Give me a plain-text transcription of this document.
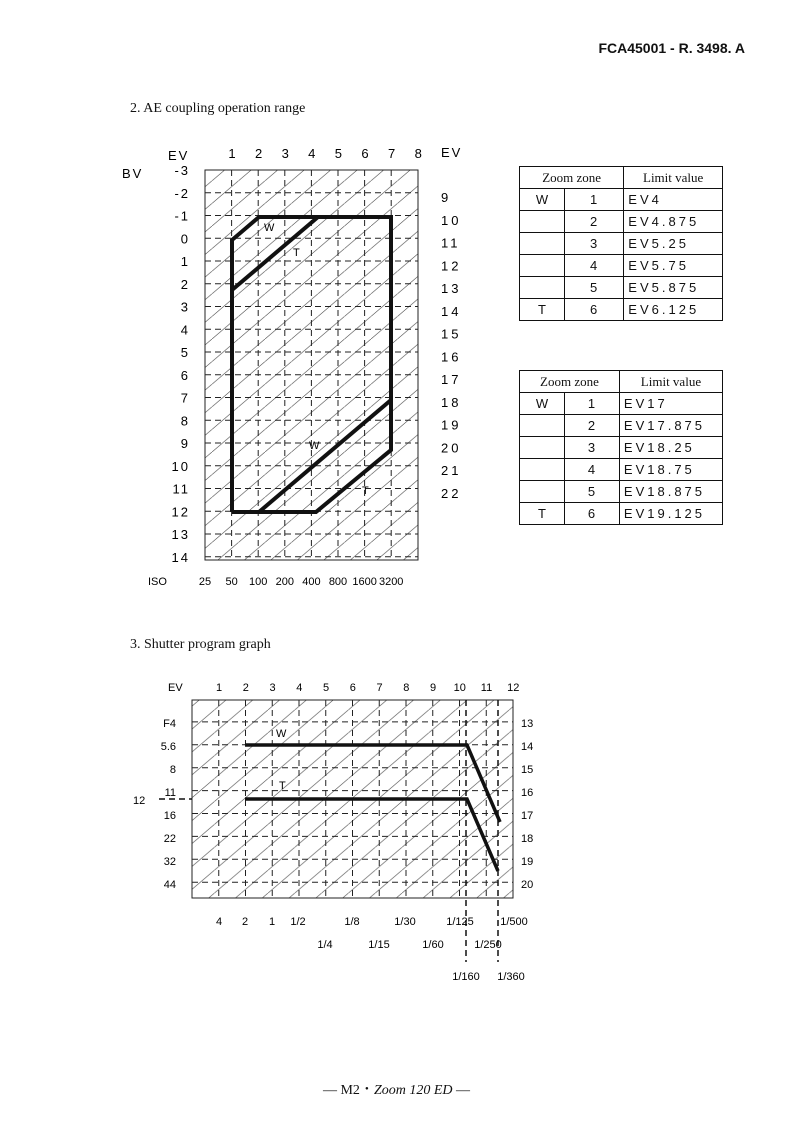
FCA45001 - R. 3498. A
2. AE coupling operation range
W
T
W
T
EV	EV
BV
ISO
1 2 3 4 5 6 7 8
-3
-2
-1
0
1
2
3
4
5
6
7
8
9
10
11
12
13
14
9
10
11
12
13
14
15
16
17
18
19
20
21
22
25 50 100 200 400 800 1600 3200
Zoom zone		Limit value
W	1	EV4
	2	EV4.875
	3	EV5.25
	4	EV5.75
	5	EV5.875
T	6	EV6.125
Zoom zone		Limit value
W	1	EV17
	2	EV17.875
	3	EV18.25
	4	EV18.75
	5	EV18.875
T	6	EV19.125
3. Shutter program graph
W
T
EV
12
1 2 3 4 5 6 7 8 9 10 11 12
F4
5.6
8
11
16
22
32
44
13
14
15
16
17
18
19
20
4 2 1 1/2	1/8	1/30	1/125 1/500
1/4	1/15	1/60	1/250
1/160 1/360
— M2・Zoom 120 ED —
